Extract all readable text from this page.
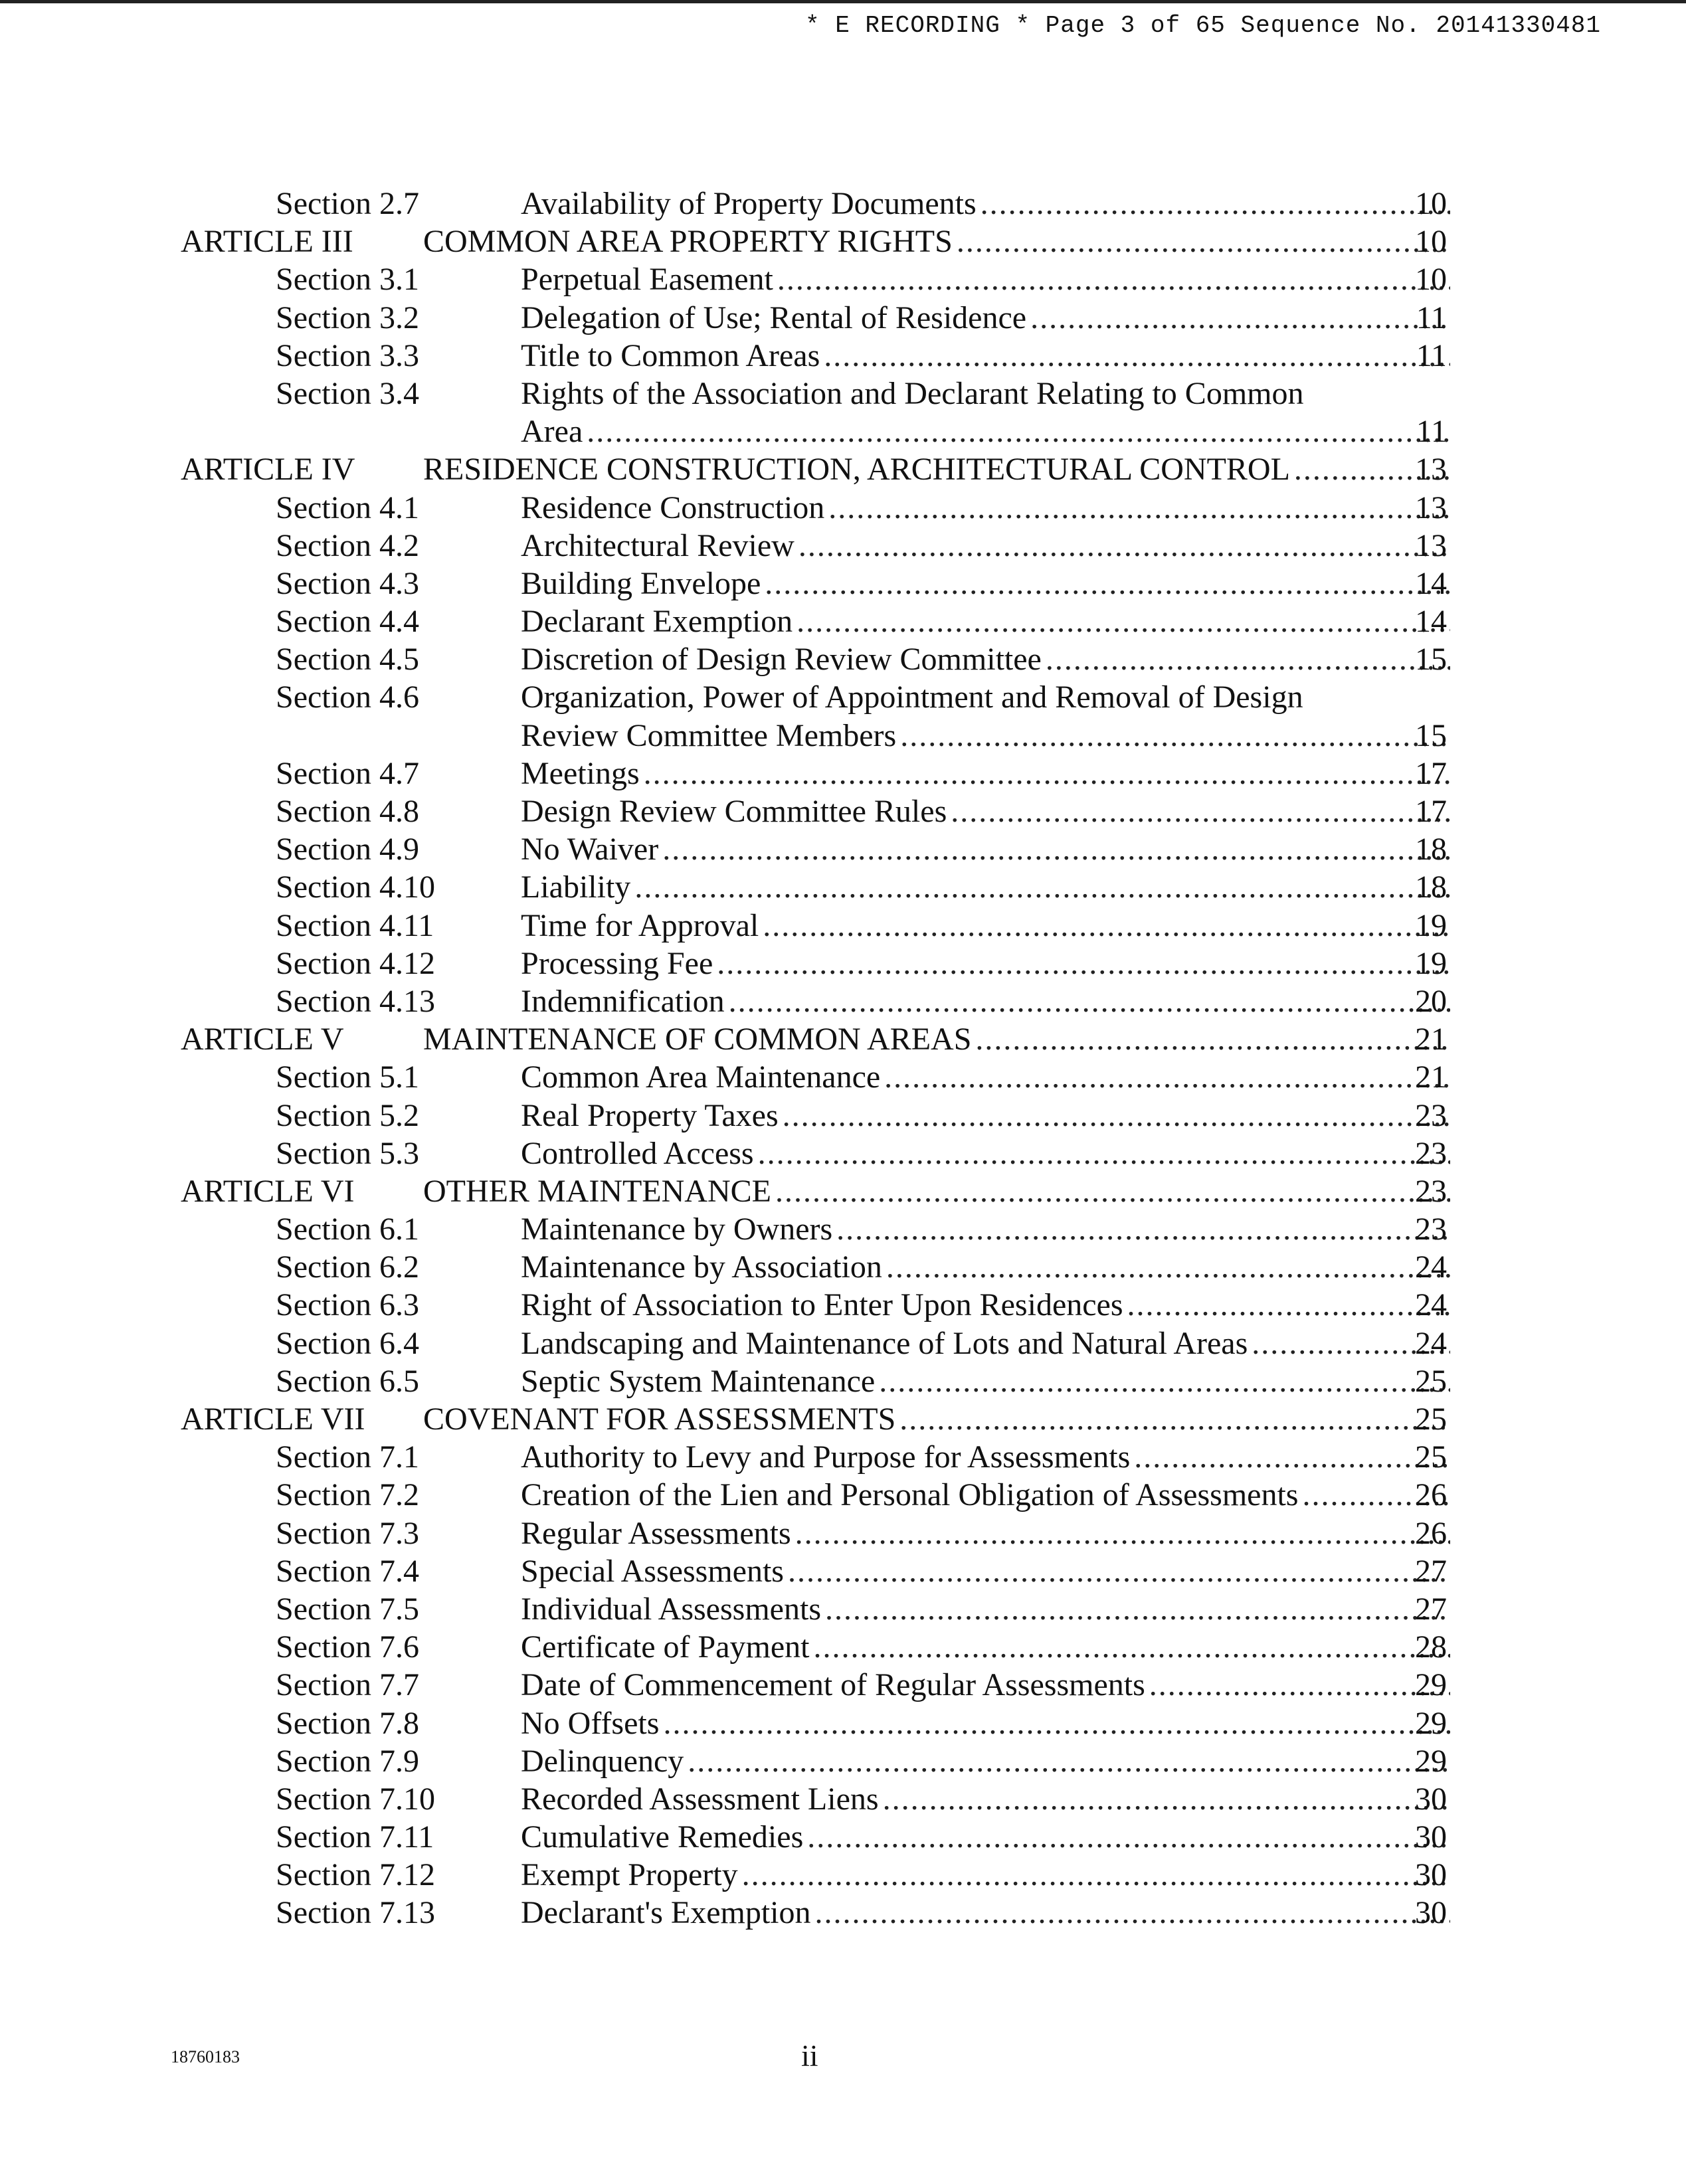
* E RECORDING * Page 3 of 65 Sequence No. 20141330481
Section 2.7	Availability of Property Documents .....	10
ARTICLE III COMMON AREA PROPERTY RIGHTS .....	10
Section 3.1	Perpetual Easement .....	10
Section 3.2	Delegation of Use; Rental of Residence .....	11
Section 3.3	Title to Common Areas .....	11
Section 3.4	Rights of the Association and Declarant Relating to Common
Area .....	11
ARTICLE IV RESIDENCE CONSTRUCTION, ARCHITECTURAL CONTROL .....	13
Section 4.1	Residence Construction .....	13
Section 4.2	Architectural Review .....	13
Section 4.3	Building Envelope .....	14
Section 4.4	Declarant Exemption .....	14
Section 4.5	Discretion of Design Review Committee .....	15
Section 4.6	Organization, Power of Appointment and Removal of Design
Review Committee Members .....	15
Section 4.7	Meetings .....	17
Section 4.8	Design Review Committee Rules .....	17
Section 4.9	No Waiver .....	18
Section 4.10	Liability .....	18
Section 4.11	Time for Approval .....	19
Section 4.12	Processing Fee .....	19
Section 4.13	Indemnification .....	20
ARTICLE V MAINTENANCE OF COMMON AREAS .....	21
Section 5.1	Common Area Maintenance .....	21
Section 5.2	Real Property Taxes .....	23
Section 5.3	Controlled Access .....	23
ARTICLE VI OTHER MAINTENANCE .....	23
Section 6.1	Maintenance by Owners .....	23
Section 6.2	Maintenance by Association .....	24
Section 6.3	Right of Association to Enter Upon Residences .....	24
Section 6.4	Landscaping and Maintenance of Lots and Natural Areas .....	24
Section 6.5	Septic System Maintenance .....	25
ARTICLE VII COVENANT FOR ASSESSMENTS .....	25
Section 7.1	Authority to Levy and Purpose for Assessments .....	25
Section 7.2	Creation of the Lien and Personal Obligation of Assessments .....	26
Section 7.3	Regular Assessments .....	26
Section 7.4	Special Assessments .....	27
Section 7.5	Individual Assessments .....	27
Section 7.6	Certificate of Payment .....	28
Section 7.7	Date of Commencement of Regular Assessments .....	29
Section 7.8	No Offsets .....	29
Section 7.9	Delinquency .....	29
Section 7.10	Recorded Assessment Liens .....	30
Section 7.11	Cumulative Remedies .....	30
Section 7.12	Exempt Property .....	30
Section 7.13	Declarant's Exemption .....	30
18760183	ii
